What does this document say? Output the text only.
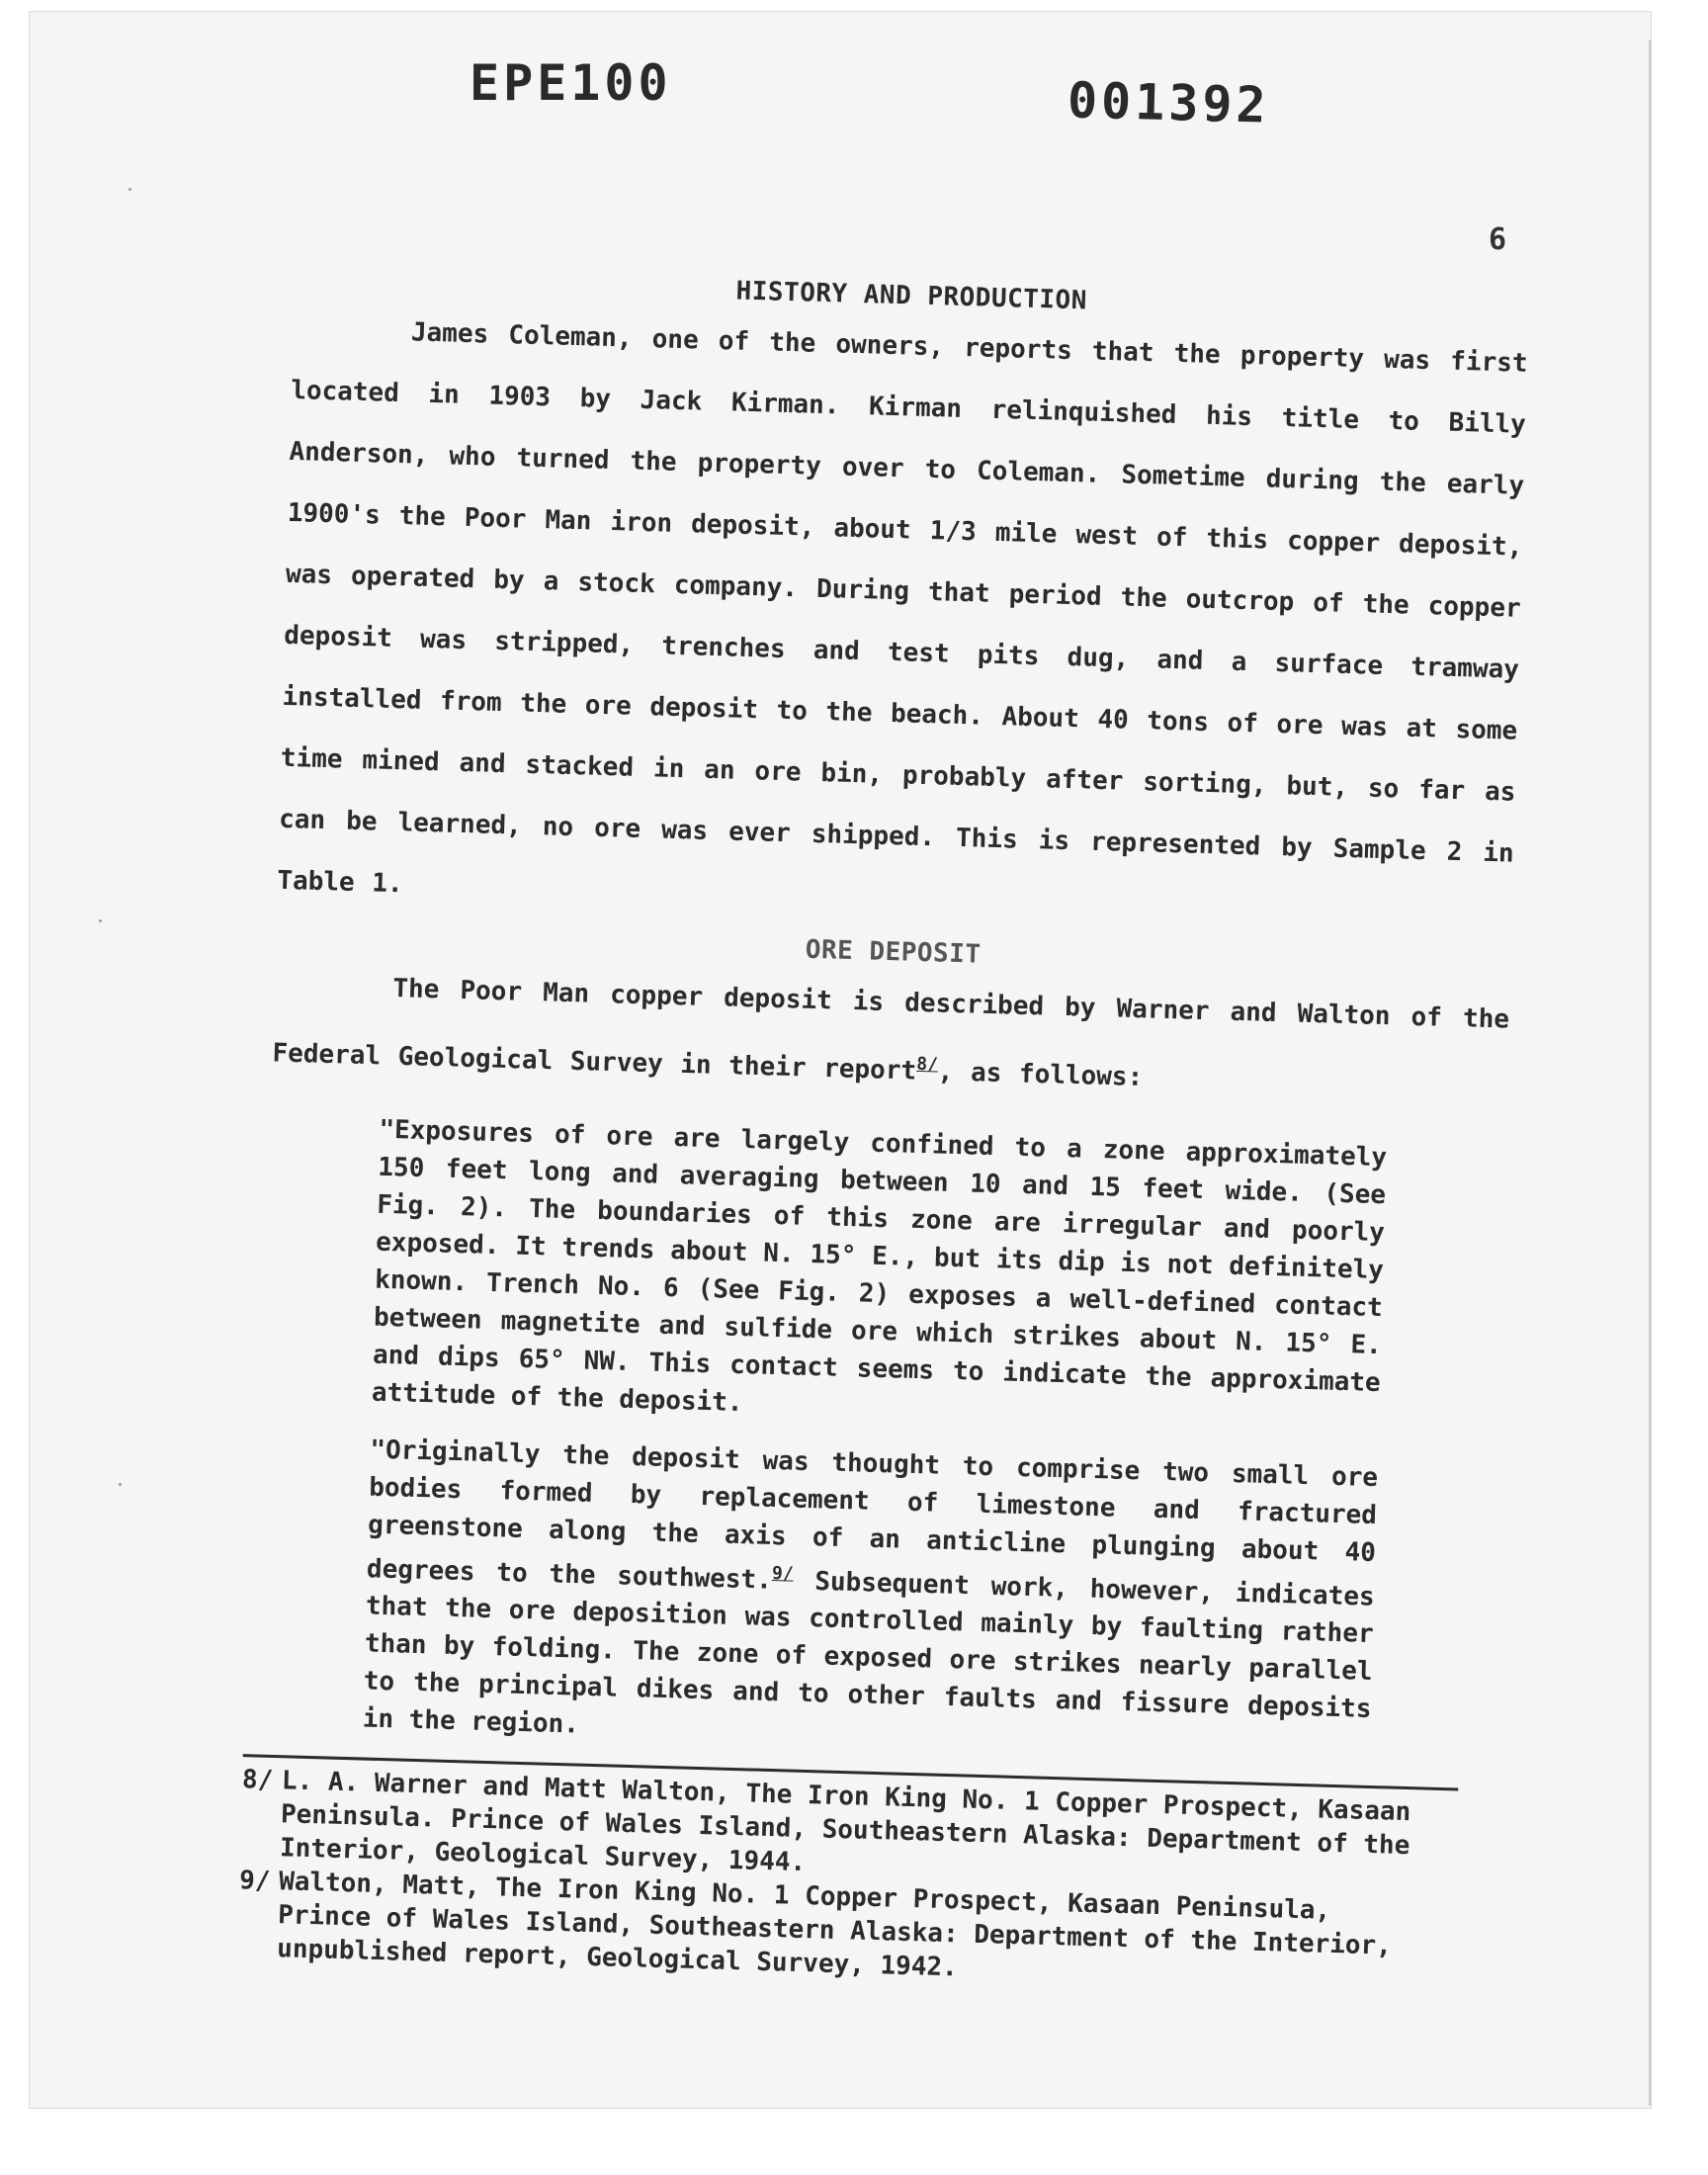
EPE100	001392
6
HISTORY AND PRODUCTION

James Coleman, one of the owners, reports that the property was first located in 1903 by Jack Kirman. Kirman relinquished his title to Billy Anderson, who turned the property over to Coleman. Sometime during the early 1900's the Poor Man iron deposit, about 1/3 mile west of this copper deposit, was operated by a stock company. During that period the outcrop of the copper deposit was stripped, trenches and test pits dug, and a surface tramway installed from the ore deposit to the beach. About 40 tons of ore was at some time mined and stacked in an ore bin, probably after sorting, but, so far as can be learned, no ore was ever shipped. This is represented by Sample 2 in Table 1.

ORE DEPOSIT

The Poor Man copper deposit is described by Warner and Walton of the Federal Geological Survey in their report$^{8/}$, as follows:

"Exposures of ore are largely confined to a zone approximately 150 feet long and averaging between 10 and 15 feet wide. (See Fig. 2). The boundaries of this zone are irregular and poorly exposed. It trends about N. 15° E., but its dip is not definitely known. Trench No. 6 (See Fig. 2) exposes a well-defined contact between magnetite and sulfide ore which strikes about N. 15° E. and dips 65° NW. This contact seems to indicate the approximate attitude of the deposit.

"Originally the deposit was thought to comprise two small ore bodies formed by replacement of limestone and fractured greenstone along the axis of an anticline plunging about 40 degrees to the southwest.$^{9/}$ Subsequent work, however, indicates that the ore deposition was controlled mainly by faulting rather than by folding. The zone of exposed ore strikes nearly parallel to the principal dikes and to other faults and fissure deposits in the region.

8/ L. A. Warner and Matt Walton, The Iron King No. 1 Copper Prospect, Kasaan Peninsula. Prince of Wales Island, Southeastern Alaska: Department of the Interior, Geological Survey, 1944.
9/ Walton, Matt, The Iron King No. 1 Copper Prospect, Kasaan Peninsula, Prince of Wales Island, Southeastern Alaska: Department of the Interior, unpublished report, Geological Survey, 1942.
